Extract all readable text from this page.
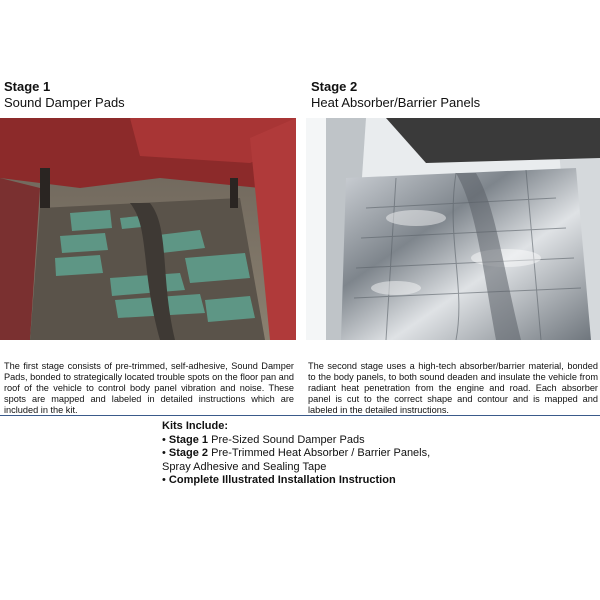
Stage 1
Sound Damper Pads
Stage 2
Heat Absorber/Barrier Panels

The first stage consists of pre-trimmed, self-adhesive, Sound Damper Pads, bonded to strategically located trouble spots on the floor pan and roof of the vehicle to control body panel vibration and noise. These spots are mapped and labeled in detailed instructions which are included in the kit.

The second stage uses a high-tech absorber/barrier material, bonded to the body panels, to both sound deaden and insulate the vehicle from radiant heat penetration from the engine and road. Each absorber panel is cut to the correct shape and contour and is mapped and labeled in the detailed instructions.

Kits Include:
• Stage 1 Pre-Sized Sound Damper Pads
• Stage 2 Pre-Trimmed Heat Absorber / Barrier Panels, Spray Adhesive and Sealing Tape
• Complete Illustrated Installation Instruction
